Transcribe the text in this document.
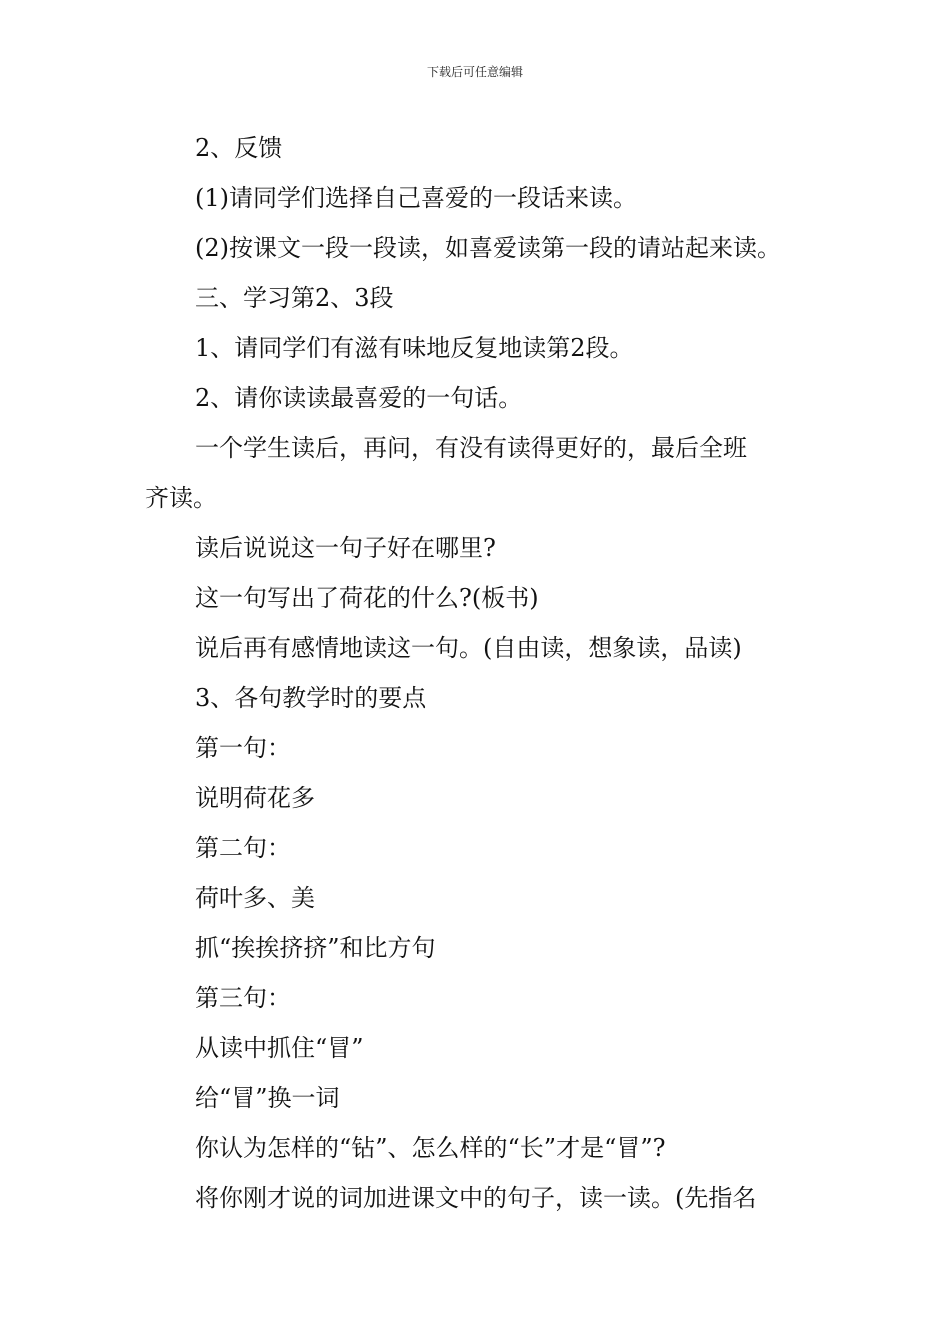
下载后可任意编辑
2、反馈
(1)请同学们选择自己喜爱的一段话来读。
(2)按课文一段一段读，如喜爱读第一段的请站起来读。
三、学习第2、3段
1、请同学们有滋有味地反复地读第2段。
2、请你读读最喜爱的一句话。
一个学生读后，再问，有没有读得更好的，最后全班
齐读。
读后说说这一句子好在哪里?
这一句写出了荷花的什么?(板书)
说后再有感情地读这一句。(自由读，想象读，品读)
3、各句教学时的要点
第一句：
说明荷花多
第二句：
荷叶多、美
抓“挨挨挤挤”和比方句
第三句：
从读中抓住“冒”
给“冒”换一词
你认为怎样的“钻”、怎么样的“长”才是“冒”?
将你刚才说的词加进课文中的句子，读一读。(先指名
